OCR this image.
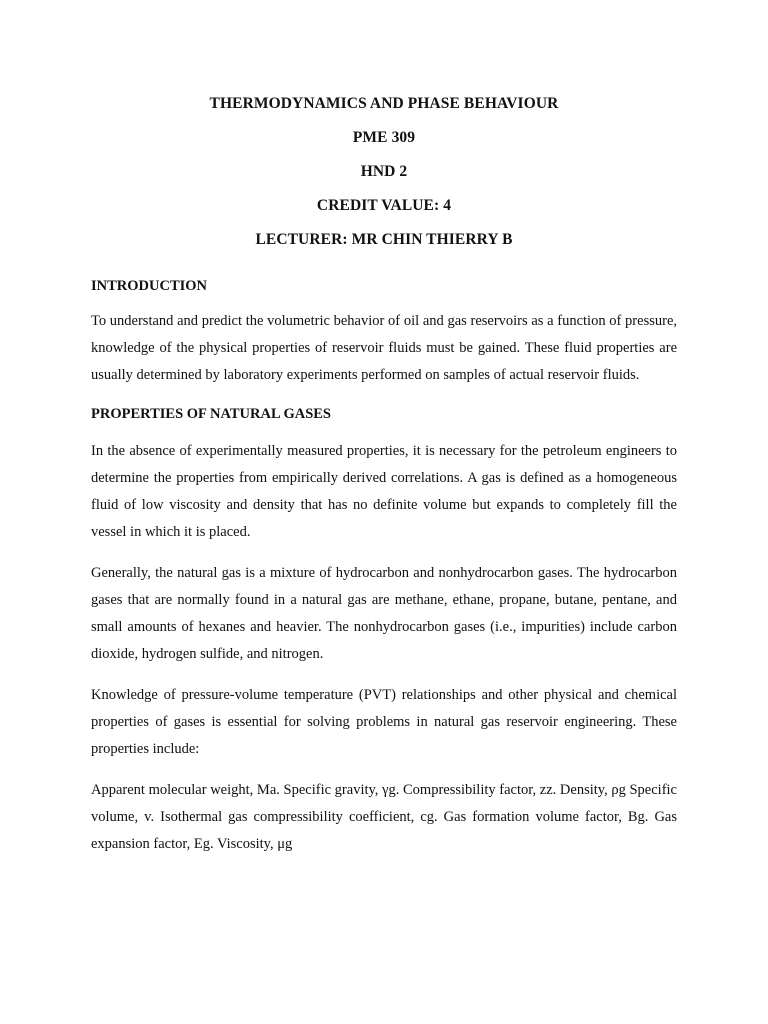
THERMODYNAMICS AND PHASE BEHAVIOUR
PME 309
HND 2
CREDIT VALUE: 4
LECTURER: MR CHIN THIERRY B
INTRODUCTION

To understand and predict the volumetric behavior of oil and gas reservoirs as a function of pressure, knowledge of the physical properties of reservoir fluids must be gained. These fluid properties are usually determined by laboratory experiments performed on samples of actual reservoir fluids.

PROPERTIES OF NATURAL GASES

In the absence of experimentally measured properties, it is necessary for the petroleum engineers to determine the properties from empirically derived correlations. A gas is defined as a homogeneous fluid of low viscosity and density that has no definite volume but expands to completely fill the vessel in which it is placed.

Generally, the natural gas is a mixture of hydrocarbon and nonhydrocarbon gases. The hydrocarbon gases that are normally found in a natural gas are methane, ethane, propane, butane, pentane, and small amounts of hexanes and heavier. The nonhydrocarbon gases (i.e., impurities) include carbon dioxide, hydrogen sulfide, and nitrogen.

Knowledge of pressure-volume temperature (PVT) relationships and other physical and chemical properties of gases is essential for solving problems in natural gas reservoir engineering. These properties include:

Apparent molecular weight, Ma. Specific gravity, γg. Compressibility factor, zz. Density, ρg Specific volume, v. Isothermal gas compressibility coefficient, cg. Gas formation volume factor, Bg. Gas expansion factor, Eg. Viscosity, μg
